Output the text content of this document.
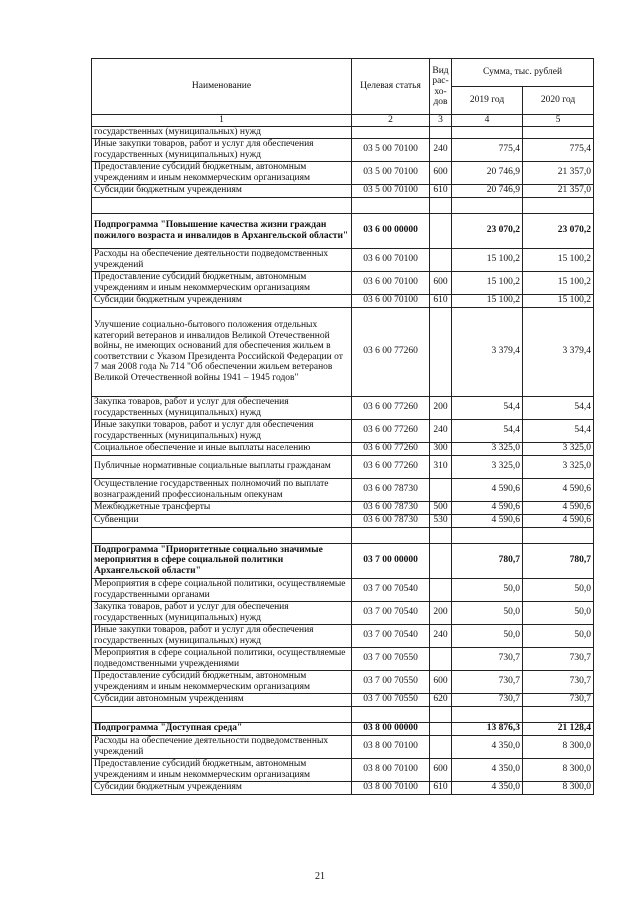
Наименование	Целевая статья	Вид рас-хо-дов	Сумма, тыс. рублей	
			2019 год	2020 год
1	2	3	4	5
государственных (муниципальных) нужд				
Иные закупки товаров, работ и услуг для обеспечения государственных (муниципальных) нужд	03 5 00 70100	240	775,4	775,4
Предоставление субсидий бюджетным, автономным учреждениям и иным некоммерческим организациям	03 5 00 70100	600	20 746,9	21 357,0
Субсидии бюджетным учреждениям	03 5 00 70100	610	20 746,9	21 357,0

Подпрограмма "Повышение качества жизни граждан пожилого возраста и инвалидов в Архангельской области"	03 6 00 00000		23 070,2	23 070,2
Расходы на обеспечение деятельности подведомственных учреждений	03 6 00 70100		15 100,2	15 100,2
Предоставление субсидий бюджетным, автономным учреждениям и иным некоммерческим организациям	03 6 00 70100	600	15 100,2	15 100,2
Субсидии бюджетным учреждениям	03 6 00 70100	610	15 100,2	15 100,2
Улучшение социально-бытового положения отдельных категорий ветеранов и инвалидов Великой Отечественной войны, не имеющих оснований для обеспечения жильем в соответствии с Указом Президента Российской Федерации от 7 мая 2008 года № 714 "Об обеспечении жильем ветеранов Великой Отечественной войны 1941 – 1945 годов"	03 6 00 77260		3 379,4	3 379,4
Закупка товаров, работ и услуг для обеспечения государственных (муниципальных) нужд	03 6 00 77260	200	54,4	54,4
Иные закупки товаров, работ и услуг для обеспечения государственных (муниципальных) нужд	03 6 00 77260	240	54,4	54,4
Социальное обеспечение и иные выплаты населению	03 6 00 77260	300	3 325,0	3 325,0
Публичные нормативные социальные выплаты гражданам	03 6 00 77260	310	3 325,0	3 325,0
Осуществление государственных полномочий по выплате вознаграждений профессиональным опекунам	03 6 00 78730		4 590,6	4 590,6
Межбюджетные трансферты	03 6 00 78730	500	4 590,6	4 590,6
Субвенции	03 6 00 78730	530	4 590,6	4 590,6

Подпрограмма "Приоритетные социально значимые мероприятия в сфере социальной политики Архангельской области"	03 7 00 00000		780,7	780,7
Мероприятия в сфере социальной политики, осуществляемые государственными органами	03 7 00 70540		50,0	50,0
Закупка товаров, работ и услуг для обеспечения государственных (муниципальных) нужд	03 7 00 70540	200	50,0	50,0
Иные закупки товаров, работ и услуг для обеспечения государственных (муниципальных) нужд	03 7 00 70540	240	50,0	50,0
Мероприятия в сфере социальной политики, осуществляемые подведомственными учреждениями	03 7 00 70550		730,7	730,7
Предоставление субсидий бюджетным, автономным учреждениям и иным некоммерческим организациям	03 7 00 70550	600	730,7	730,7
Субсидии автономным учреждениям	03 7 00 70550	620	730,7	730,7

Подпрограмма "Доступная среда"	03 8 00 00000		13 876,3	21 128,4
Расходы на обеспечение деятельности подведомственных учреждений	03 8 00 70100		4 350,0	8 300,0
Предоставление субсидий бюджетным, автономным учреждениям и иным некоммерческим организациям	03 8 00 70100	600	4 350,0	8 300,0
Субсидии бюджетным учреждениям	03 8 00 70100	610	4 350,0	8 300,0
21
